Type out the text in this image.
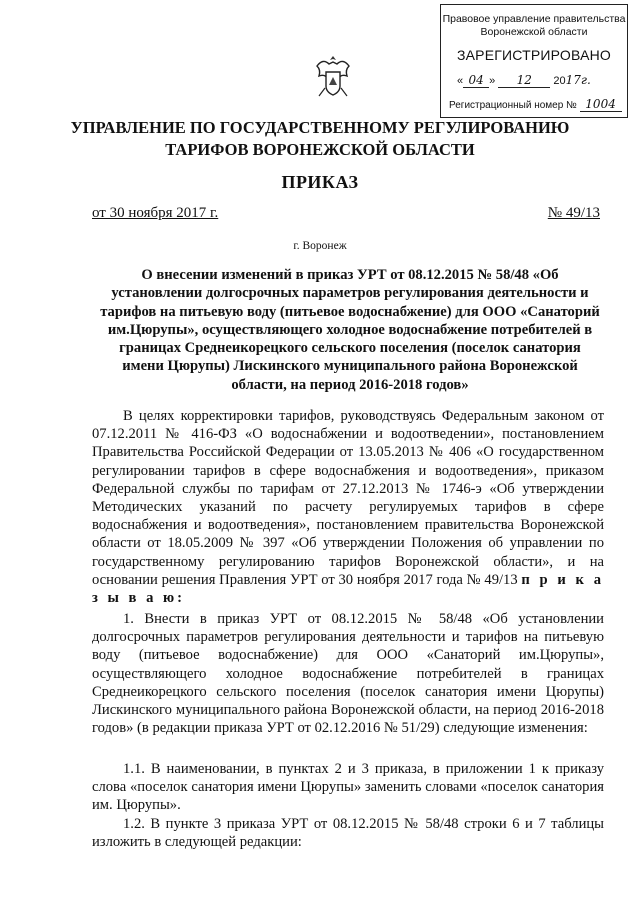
Правовое управление правительства
Воронежской области
ЗАРЕГИСТРИРОВАНО
« 04 » 12 2017г.
Регистрационный номер № 1004
УПРАВЛЕНИЕ ПО ГОСУДАРСТВЕННОМУ РЕГУЛИРОВАНИЮ
ТАРИФОВ ВОРОНЕЖСКОЙ ОБЛАСТИ
ПРИКАЗ
от 30 ноября 2017 г.	№ 49/13
г. Воронеж
О внесении изменений в приказ УРТ от 08.12.2015 № 58/48 «Об установлении долгосрочных параметров регулирования деятельности и тарифов на питьевую воду (питьевое водоснабжение) для ООО «Санаторий им.Цюрупы», осуществляющего холодное водоснабжение потребителей в границах Среднеикорецкого сельского поселения (поселок санатория имени Цюрупы) Лискинского муниципального района Воронежской области, на период 2016-2018 годов»
В целях корректировки тарифов, руководствуясь Федеральным законом от 07.12.2011 № 416-ФЗ «О водоснабжении и водоотведении», постановлением Правительства Российской Федерации от 13.05.2013 № 406 «О государственном регулировании тарифов в сфере водоснабжения и водоотведения», приказом Федеральной службы по тарифам от 27.12.2013 № 1746-э «Об утверждении Методических указаний по расчету регулируемых тарифов в сфере водоснабжения и водоотведения», постановлением правительства Воронежской области от 18.05.2009 № 397 «Об утверждении Положения об управлении по государственному регулированию тарифов Воронежской области», и на основании решения Правления УРТ от 30 ноября 2017 года № 49/13 п р и к а з ы в а ю:
1. Внести в приказ УРТ от 08.12.2015 № 58/48 «Об установлении долгосрочных параметров регулирования деятельности и тарифов на питьевую воду (питьевое водоснабжение) для ООО «Санаторий им.Цюрупы», осуществляющего холодное водоснабжение потребителей в границах Среднеикорецкого сельского поселения (поселок санатория имени Цюрупы) Лискинского муниципального района Воронежской области, на период 2016-2018 годов» (в редакции приказа УРТ от 02.12.2016 № 51/29) следующие изменения:
1.1. В наименовании, в пунктах 2 и 3 приказа, в приложении 1 к приказу слова «поселок санатория имени Цюрупы» заменить словами «поселок санатория им. Цюрупы».
1.2. В пункте 3 приказа УРТ от 08.12.2015 № 58/48 строки 6 и 7 таблицы изложить в следующей редакции:
